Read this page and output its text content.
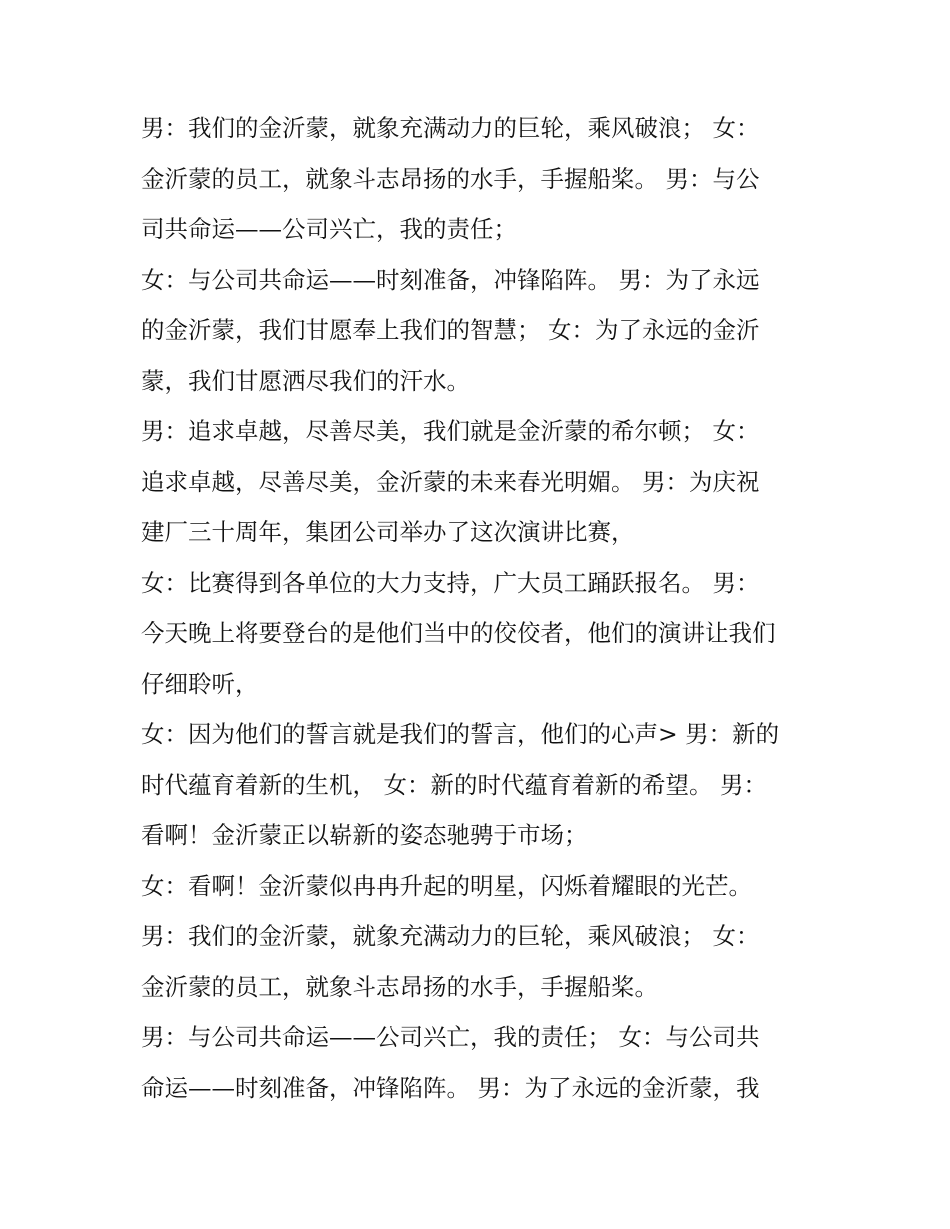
男：我们的金沂蒙，就象充满动力的巨轮，乘风破浪； 女：
金沂蒙的员工，就象斗志昂扬的水手，手握船桨。 男：与公
司共命运——公司兴亡，我的责任；
女：与公司共命运——时刻准备，冲锋陷阵。 男：为了永远
的金沂蒙，我们甘愿奉上我们的智慧； 女：为了永远的金沂
蒙，我们甘愿洒尽我们的汗水。
男：追求卓越，尽善尽美，我们就是金沂蒙的希尔顿； 女：
追求卓越，尽善尽美，金沂蒙的未来春光明媚。 男：为庆祝
建厂三十周年，集团公司举办了这次演讲比赛，
女：比赛得到各单位的大力支持，广大员工踊跃报名。 男：
今天晚上将要登台的是他们当中的佼佼者，他们的演讲让我们
仔细聆听，
女：因为他们的誓言就是我们的誓言，他们的心声> 男：新的
时代蕴育着新的生机， 女：新的时代蕴育着新的希望。 男：
看啊！金沂蒙正以崭新的姿态驰骋于市场；
女：看啊！金沂蒙似冉冉升起的明星，闪烁着耀眼的光芒。
男：我们的金沂蒙，就象充满动力的巨轮，乘风破浪； 女：
金沂蒙的员工，就象斗志昂扬的水手，手握船桨。
男：与公司共命运——公司兴亡，我的责任； 女：与公司共
命运——时刻准备，冲锋陷阵。 男：为了永远的金沂蒙，我
